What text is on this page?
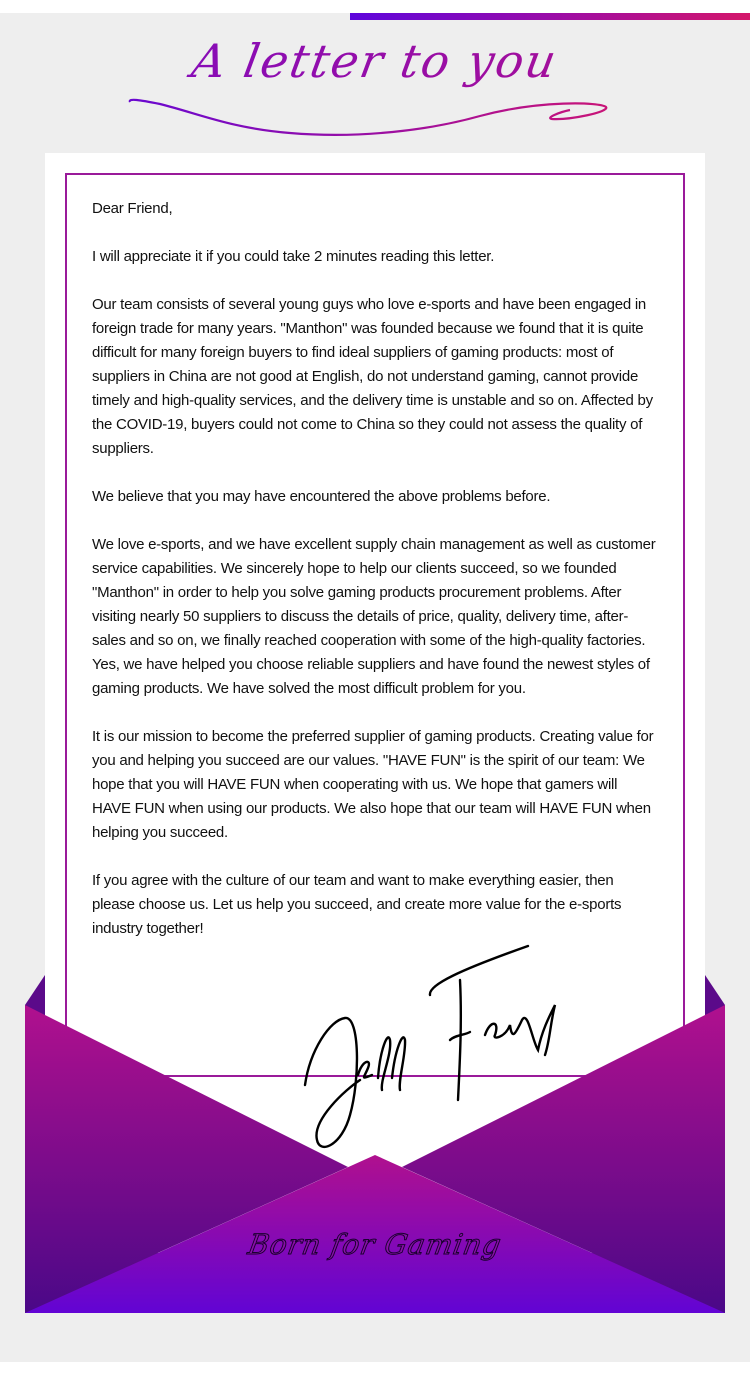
A letter to you

Dear Friend,

I will appreciate it if you could take 2 minutes reading this letter.

Our team consists of several young guys who love e-sports and have been engaged in foreign trade for many years. "Manthon" was founded because we found that it is quite difficult for many foreign buyers to find ideal suppliers of gaming products: most of suppliers in China are not good at English, do not understand gaming, cannot provide timely and high-quality services, and the delivery time is unstable and so on. Affected by the COVID-19, buyers could not come to China so they could not assess the quality of suppliers.

We believe that you may have encountered the above problems before.

We love e-sports, and we have excellent supply chain management as well as customer service capabilities. We sincerely hope to help our clients succeed, so we founded "Manthon" in order to help you solve gaming products procurement problems. After visiting nearly 50 suppliers to discuss the details of price, quality, delivery time, after-sales and so on, we finally reached cooperation with some of the high-quality factories. Yes, we have helped you choose reliable suppliers and have found the newest styles of gaming products. We have solved the most difficult problem for you.

It is our mission to become the preferred supplier of gaming products. Creating value for you and helping you succeed are our values. "HAVE FUN" is the spirit of our team: We hope that you will HAVE FUN when cooperating with us. We hope that gamers will HAVE FUN when using our products. We also hope that our team will HAVE FUN when helping you succeed.

If you agree with the culture of our team and want to make everything easier, then please choose us. Let us help you succeed, and create more value for the e-sports industry together!

Born for Gaming
